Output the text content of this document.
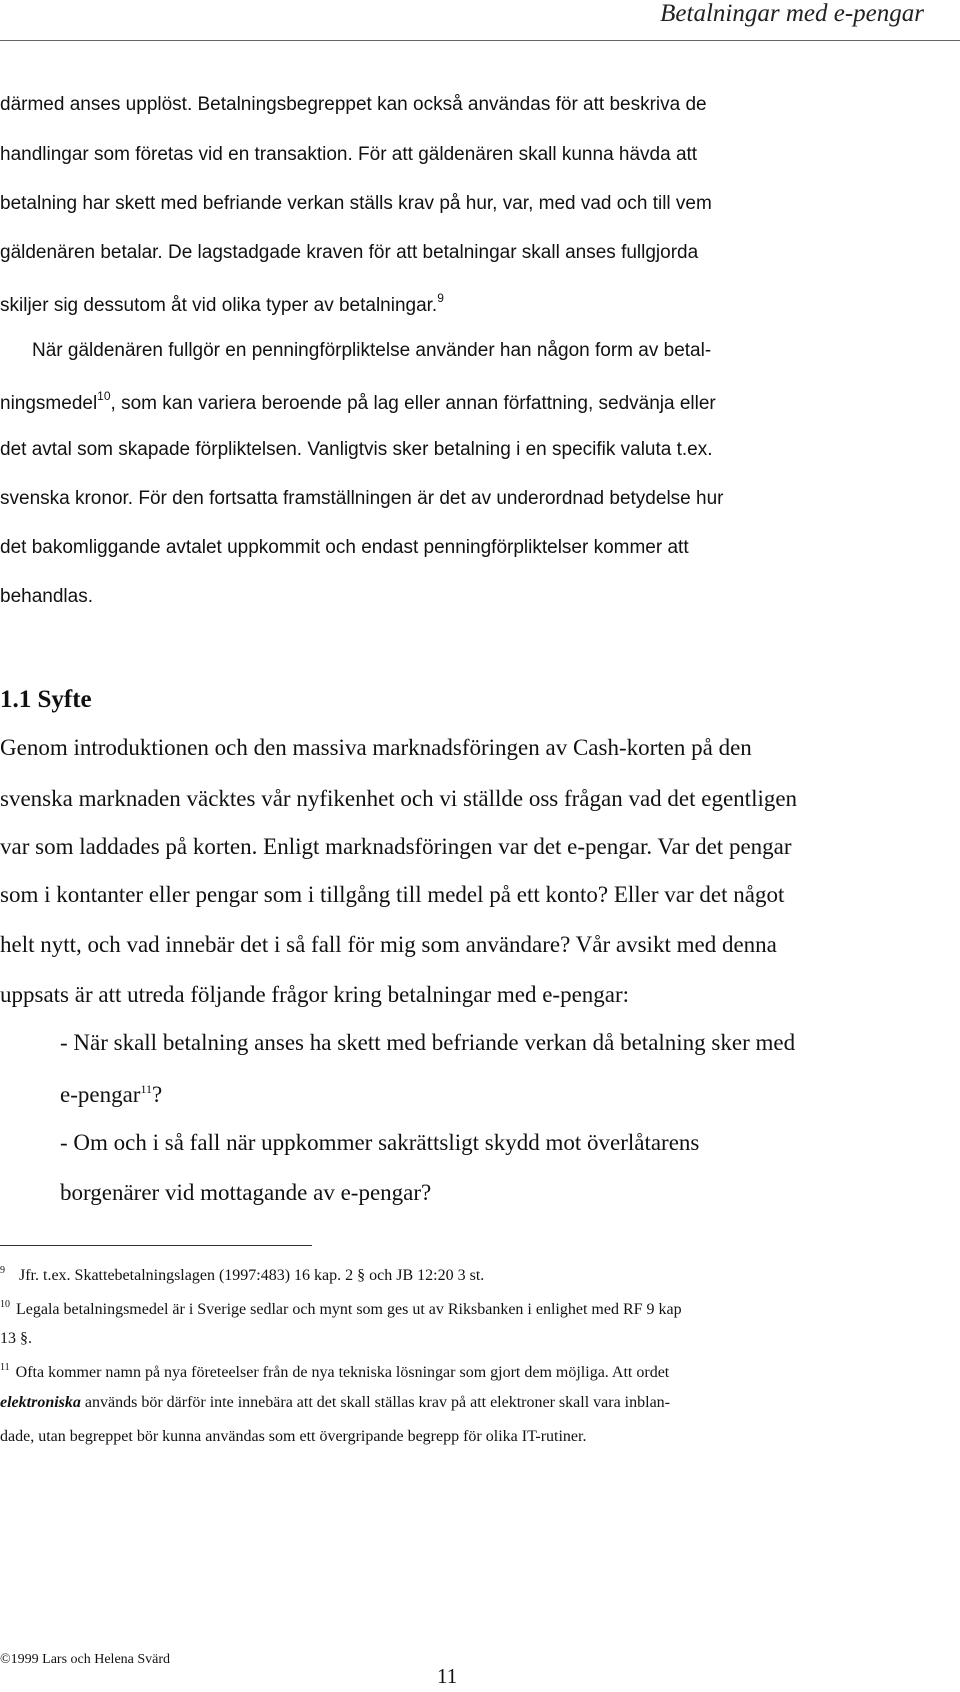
Betalningar med e-pengar
därmed anses upplöst. Betalningsbegreppet kan också användas för att beskriva de
handlingar som företas vid en transaktion. För att gäldenären skall kunna hävda att
betalning har skett med befriande verkan ställs krav på hur, var, med vad och till vem
gäldenären betalar. De lagstadgade kraven för att betalningar skall anses fullgjorda
skiljer sig dessutom åt vid olika typer av betalningar.$^9$
När gäldenären fullgör en penningförpliktelse använder han någon form av betal-
ningsmedel$^{10}$, som kan variera beroende på lag eller annan författning, sedvänja eller
det avtal som skapade förpliktelsen. Vanligtvis sker betalning i en specifik valuta t.ex.
svenska kronor. För den fortsatta framställningen är det av underordnad betydelse hur
det bakomliggande avtalet uppkommit och endast penningförpliktelser kommer att
behandlas.
1.1 Syfte
Genom introduktionen och den massiva marknadsföringen av Cash-korten på den
svenska marknaden väcktes vår nyfikenhet och vi ställde oss frågan vad det egentligen
var som laddades på korten. Enligt marknadsföringen var det e-pengar. Var det pengar
som i kontanter eller pengar som i tillgång till medel på ett konto? Eller var det något
helt nytt, och vad innebär det i så fall för mig som användare? Vår avsikt med denna
uppsats är att utreda följande frågor kring betalningar med e-pengar:
- När skall betalning anses ha skett med befriande verkan då betalning sker med
e-pengar$^{11}$?
- Om och i så fall när uppkommer sakrättsligt skydd mot överlåtarens
borgenärer vid mottagande av e-pengar?
$^9$ Jfr. t.ex. Skattebetalningslagen (1997:483) 16 kap. 2 § och JB 12:20 3 st.
$^{10}$ Legala betalningsmedel är i Sverige sedlar och mynt som ges ut av Riksbanken i enlighet med RF 9 kap
13 §.
$^{11}$ Ofta kommer namn på nya företeelser från de nya tekniska lösningar som gjort dem möjliga. Att ordet
elektroniska används bör därför inte innebära att det skall ställas krav på att elektroner skall vara inblan-
dade, utan begreppet bör kunna användas som ett övergripande begrepp för olika IT-rutiner.
©1999 Lars och Helena Svärd
11
